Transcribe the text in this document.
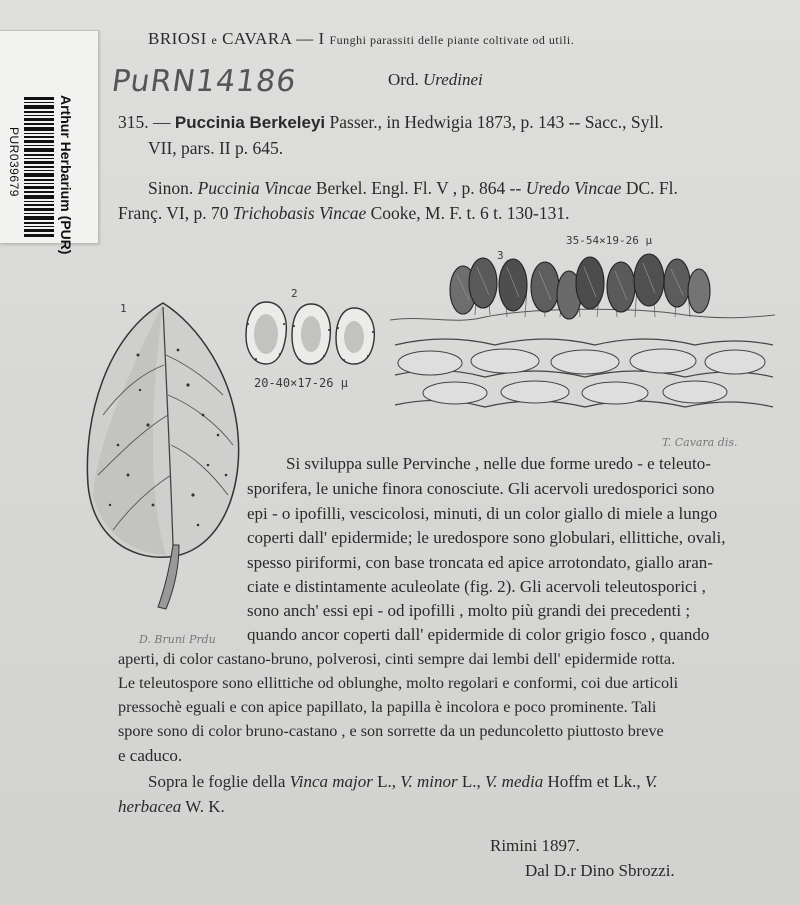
Arthur Herbarium (PUR)
PUR039679
PuRN14186
BRIOSI e CAVARA — I Funghi parassiti delle piante coltivate od utili.
Ord. Uredinei
315. — Puccinia Berkeleyi Passer., in Hedwigia 1873, p. 143 -- Sacc., Syll.
VII, pars. II p. 645.
Sinon. Puccinia Vincae Berkel. Engl. Fl. V , p. 864 -- Uredo Vincae DC. Fl.
Franç. VI, p. 70 Trichobasis Vincae Cooke, M. F. t. 6 t. 130-131.
1
2
20-40×17-26 μ
3
35-54×19-26 μ
T. Cavara dis.
D. Bruni Prdu
Si sviluppa sulle Pervinche , nelle due forme uredo - e teleuto-
sporifera, le uniche finora conosciute. Gli acervoli uredosporici sono
epi - o ipofilli, vescicolosi, minuti, di un color giallo di miele a lungo
coperti dall' epidermide; le uredospore sono globulari, ellittiche, ovali,
spesso piriformi, con base troncata ed apice arrotondato, giallo aran-
ciate e distintamente aculeolate (fig. 2). Gli acervoli teleutosporici ,
sono anch' essi epi - od ipofilli , molto più grandi dei precedenti ;
quando ancor coperti dall' epidermide di color grigio fosco , quando
aperti, di color castano-bruno, polverosi, cinti sempre dai lembi dell' epidermide rotta.
Le teleutospore sono ellittiche od oblunghe, molto regolari e conformi, coi due articoli
pressochè eguali e con apice papillato, la papilla è incolora e poco prominente. Tali
spore sono di color bruno-castano , e son sorrette da un peduncoletto piuttosto breve
e caduco.
Sopra le foglie della Vinca major L., V. minor L., V. media Hoffm et Lk., V.
herbacea W. K.
Rimini 1897.
Dal D.r Dino Sbrozzi.
